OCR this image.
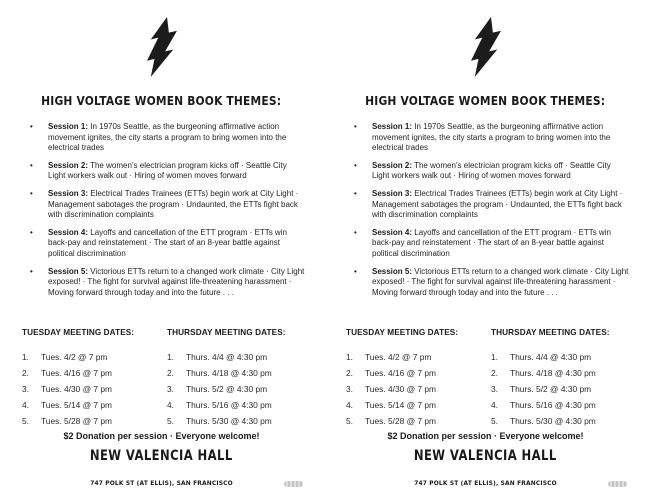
HIGH VOLTAGE WOMEN BOOK THEMES:
• Session 1: In 1970s Seattle, as the burgeoning affirmative action movement ignites, the city starts a program to bring women into the electrical trades
• Session 2: The women’s electrician program kicks off · Seattle City Light workers walk out · Hiring of women moves forward
• Session 3: Electrical Trades Trainees (ETTs) begin work at City Light · Management sabotages the program · Undaunted, the ETTs fight back with discrimination complaints
• Session 4: Layoffs and cancellation of the ETT program · ETTs win back-pay and reinstatement · The start of an 8-year battle against political discrimination
• Session 5: Victorious ETTs return to a changed work climate · City Light exposed! · The fight for survival against life-threatening harassment · Moving forward through today and into the future . . .
TUESDAY MEETING DATES:
1.	Tues. 4/2 @ 7 pm
2.	Tues. 4/16 @ 7 pm
3.	Tues. 4/30 @ 7 pm
4.	Tues. 5/14 @ 7 pm
5.	Tues. 5/28 @ 7 pm
THURSDAY MEETING DATES:
1.	Thurs. 4/4 @ 4:30 pm
2.	Thurs. 4/18 @ 4:30 pm
3.	Thurs. 5/2 @ 4:30 pm
4.	Thurs. 5/16 @ 4:30 pm
5.	Thurs. 5/30 @ 4:30 pm
$2 Donation per session · Everyone welcome!
NEW VALENCIA HALL
747 POLK ST (AT ELLIS), SAN FRANCISCO
HIGH VOLTAGE WOMEN BOOK THEMES:
• Session 1: In 1970s Seattle, as the burgeoning affirmative action movement ignites, the city starts a program to bring women into the electrical trades
• Session 2: The women’s electrician program kicks off · Seattle City Light workers walk out · Hiring of women moves forward
• Session 3: Electrical Trades Trainees (ETTs) begin work at City Light · Management sabotages the program · Undaunted, the ETTs fight back with discrimination complaints
• Session 4: Layoffs and cancellation of the ETT program · ETTs win back-pay and reinstatement · The start of an 8-year battle against political discrimination
• Session 5: Victorious ETTs return to a changed work climate · City Light exposed! · The fight for survival against life-threatening harassment · Moving forward through today and into the future . . .
TUESDAY MEETING DATES:
1.	Tues. 4/2 @ 7 pm
2.	Tues. 4/16 @ 7 pm
3.	Tues. 4/30 @ 7 pm
4.	Tues. 5/14 @ 7 pm
5.	Tues. 5/28 @ 7 pm
THURSDAY MEETING DATES:
1.	Thurs. 4/4 @ 4:30 pm
2.	Thurs. 4/18 @ 4:30 pm
3.	Thurs. 5/2 @ 4:30 pm
4.	Thurs. 5/16 @ 4:30 pm
5.	Thurs. 5/30 @ 4:30 pm
$2 Donation per session · Everyone welcome!
NEW VALENCIA HALL
747 POLK ST (AT ELLIS), SAN FRANCISCO
